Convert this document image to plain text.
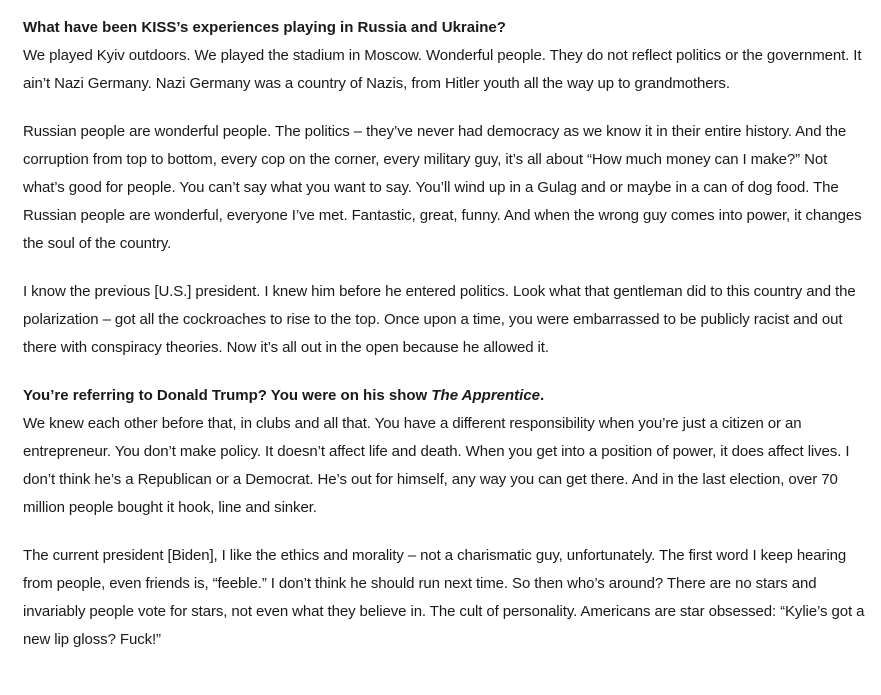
What have been KISS’s experiences playing in Russia and Ukraine?

We played Kyiv outdoors. We played the stadium in Moscow. Wonderful people. They do not reflect politics or the government. It ain’t Nazi Germany. Nazi Germany was a country of Nazis, from Hitler youth all the way up to grandmothers.

Russian people are wonderful people. The politics – they’ve never had democracy as we know it in their entire history. And the corruption from top to bottom, every cop on the corner, every military guy, it’s all about “How much money can I make?” Not what’s good for people. You can’t say what you want to say. You’ll wind up in a Gulag and or maybe in a can of dog food. The Russian people are wonderful, everyone I’ve met. Fantastic, great, funny. And when the wrong guy comes into power, it changes the soul of the country.

I know the previous [U.S.] president. I knew him before he entered politics. Look what that gentleman did to this country and the polarization – got all the cockroaches to rise to the top. Once upon a time, you were embarrassed to be publicly racist and out there with conspiracy theories. Now it’s all out in the open because he allowed it.

You’re referring to Donald Trump? You were on his show The Apprentice.

We knew each other before that, in clubs and all that. You have a different responsibility when you’re just a citizen or an entrepreneur. You don’t make policy. It doesn’t affect life and death. When you get into a position of power, it does affect lives. I don’t think he’s a Republican or a Democrat. He’s out for himself, any way you can get there. And in the last election, over 70 million people bought it hook, line and sinker.

The current president [Biden], I like the ethics and morality – not a charismatic guy, unfortunately. The first word I keep hearing from people, even friends is, “feeble.” I don’t think he should run next time. So then who’s around? There are no stars and invariably people vote for stars, not even what they believe in. The cult of personality. Americans are star obsessed: “Kylie’s got a new lip gloss? Fuck!”
